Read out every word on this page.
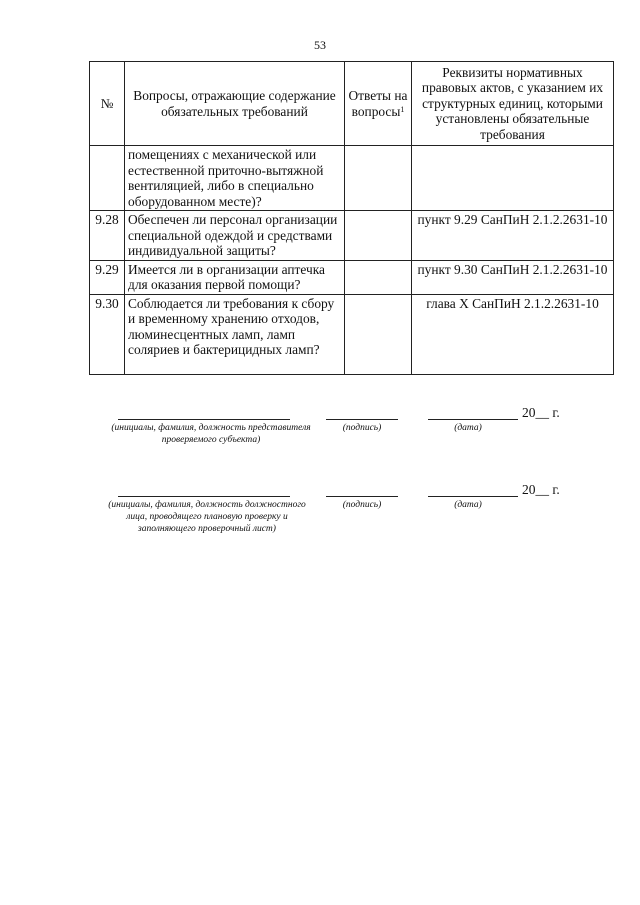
53
№	Вопросы, отражающие содержание обязательных требований	Ответы на вопросы$^1$	Реквизиты нормативных правовых актов, с указанием их структурных единиц, которыми установлены обязательные требования
	помещениях с механической или естественной приточно-вытяжной вентиляцией, либо в специально оборудованном месте)?		
9.28	Обеспечен ли персонал организации специальной одеждой и средствами индивидуальной защиты?		пункт 9.29 СанПиН 2.1.2.2631-10
9.29	Имеется ли в организации аптечка для оказания первой помощи?		пункт 9.30 СанПиН 2.1.2.2631-10
9.30	Соблюдается ли требования к сбору и временному хранению отходов, люминесцентных ламп, ламп соляриев и бактерицидных ламп?		глава X СанПиН 2.1.2.2631-10
(инициалы, фамилия, должность представителя проверяемого субъекта)
(подпись)	(дата)
20__ г.
(инициалы, фамилия, должность должностного лица, проводящего плановую проверку и заполняющего проверочный лист)
(подпись)	(дата)
20__ г.
